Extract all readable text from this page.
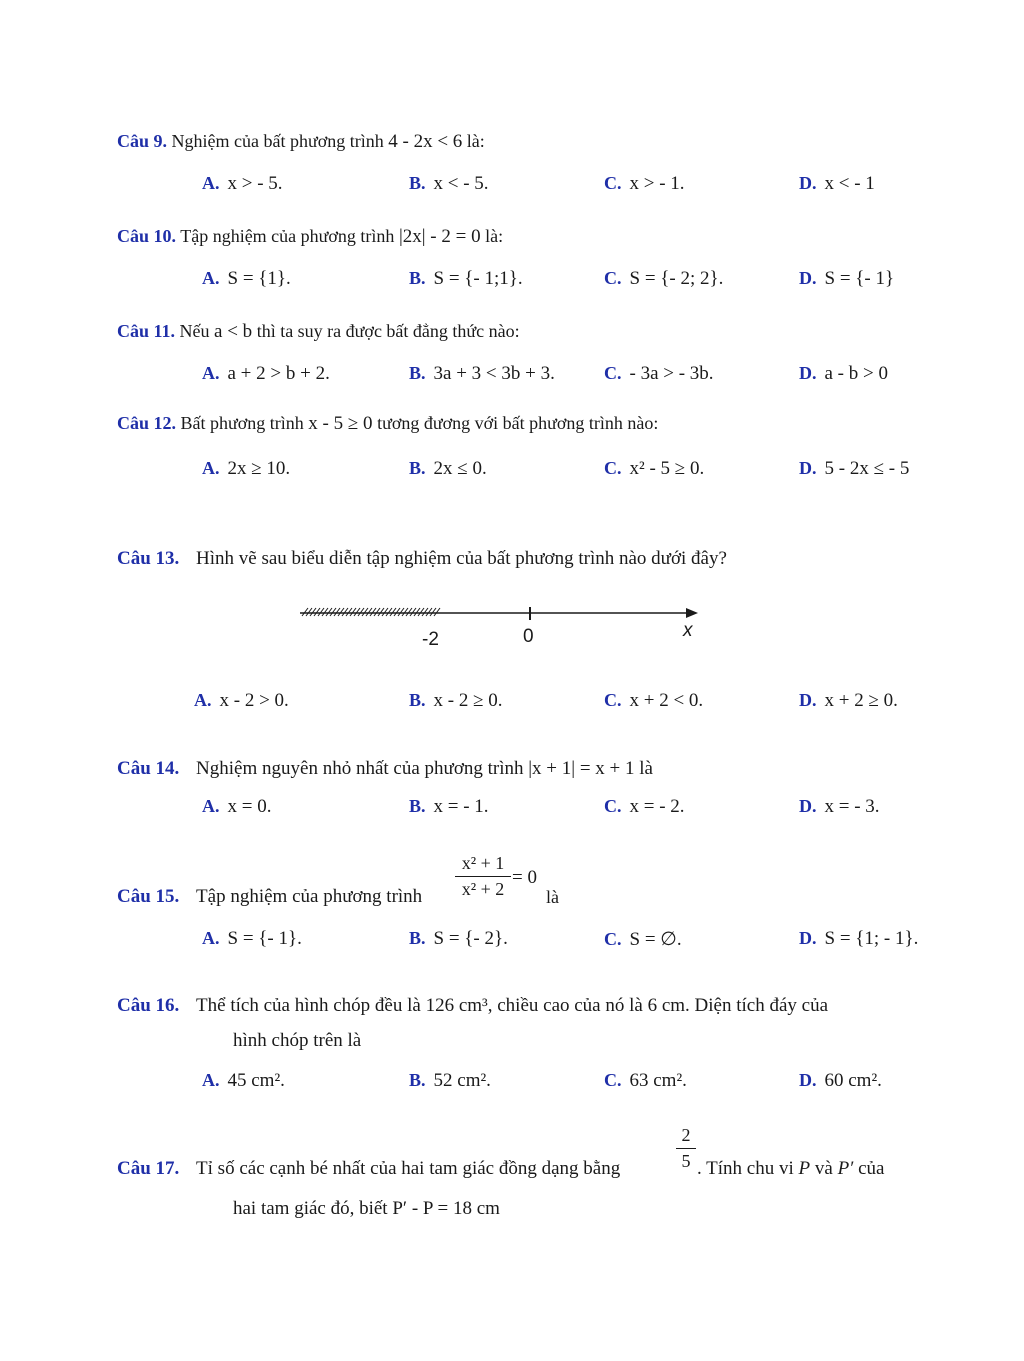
Câu 9. Nghiệm của bất phương trình 4 - 2x < 6 là:
A. x > - 5.	B. x < - 5.	C. x > - 1.	D. x < - 1
Câu 10. Tập nghiệm của phương trình |2x| - 2 = 0 là:
A. S = {1}.	B. S = {- 1;1}.	C. S = {- 2; 2}.	D. S = {- 1}
Câu 11. Nếu a < b thì ta suy ra được bất đẳng thức nào:
A. a + 2 > b + 2.	B. 3a + 3 < 3b + 3.	C. - 3a > - 3b.	D. a - b > 0
Câu 12. Bất phương trình x - 5 ≥ 0 tương đương với bất phương trình nào:
A. 2x ≥ 10.	B. 2x ≤ 0.	C. x² - 5 ≥ 0.	D. 5 - 2x ≤ - 5
Câu 13. Hình vẽ sau biểu diễn tập nghiệm của bất phương trình nào dưới đây?
-2	0	x
A. x - 2 > 0.	B. x - 2 ≥ 0.	C. x + 2 < 0.	D. x + 2 ≥ 0.
Câu 14. Nghiệm nguyên nhỏ nhất của phương trình |x + 1| = x + 1 là
A. x = 0.	B. x = - 1.	C. x = - 2.	D. x = - 3.
Câu 15. Tập nghiệm của phương trình
x² + 1
x² + 2
= 0
là
A. S = {- 1}.	B. S = {- 2}.	C. S = ∅.	D. S = {1; - 1}.
Câu 16. Thể tích của hình chóp đều là 126 cm³, chiều cao của nó là 6 cm. Diện tích đáy của
hình chóp trên là
A. 45 cm².	B. 52 cm².	C. 63 cm².	D. 60 cm².
Câu 17. Tỉ số các cạnh bé nhất của hai tam giác đồng dạng bằng
2
5 . Tính chu vi P và P′ của
hai tam giác đó, biết P′ - P = 18 cm
